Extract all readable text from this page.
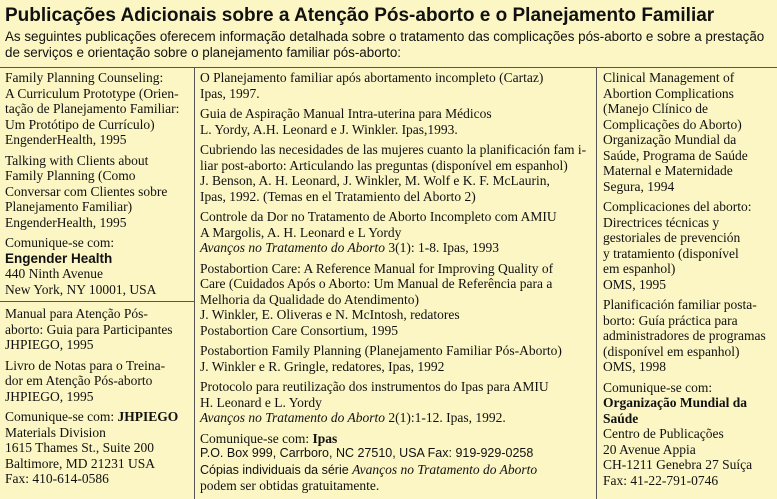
Publicações Adicionais sobre a Atenção Pós-aborto e o Planejamento Familiar
As seguintes publicações oferecem informação detalhada sobre o tratamento das complicações pós-aborto e sobre a prestação de serviços e orientação sobre o planejamento familiar pós-aborto:

Family Planning Counseling:

A Curriculum Prototype (Orien-

tação de Planejamento Familiar:

Um Protótipo de Currículo)

EngenderHealth, 1995

Talking with Clients about

Family Planning (Como

Conversar com Clientes sobre

Planejamento Familiar)

EngenderHealth, 1995

Comunique-se com:

Engender Health

440 Ninth Avenue

New York, NY 10001, USA

Manual para Atenção Pós-

aborto: Guia para Participantes

JHPIEGO, 1995

Livro de Notas para o Treina-

dor em Atenção Pós-aborto

JHPIEGO, 1995

Comunique-se com: JHPIEGO

Materials Division

1615 Thames St., Suite 200

Baltimore, MD 21231 USA

Fax: 410-614-0586

O Planejamento familiar após abortamento incompleto (Cartaz)

Ipas, 1997.

Guia de Aspiração Manual Intra-uterina para Médicos

L. Yordy, A.H. Leonard e J. Winkler. Ipas,1993.

Cubriendo las necesidades de las mujeres cuanto la planificación fam i-

liar post-aborto: Articulando las preguntas (disponível em espanhol)

J. Benson, A. H. Leonard, J. Winkler, M. Wolf e K. F. McLaurin,

Ipas, 1992. (Temas en el Tratamiento del Aborto 2)

Controle da Dor no Tratamento de Aborto Incompleto com AMIU

A Margolis, A. H. Leonard e L Yordy

Avanços no Tratamento do Aborto 3(1): 1-8. Ipas, 1993

Postabortion Care: A Reference Manual for Improving Quality of

Care (Cuidados Após o Aborto: Um Manual de Referência para a

Melhoria da Qualidade do Atendimento)

J. Winkler, E. Oliveras e N. McIntosh, redatores

Postabortion Care Consortium, 1995

Postabortion Family Planning (Planejamento Familiar Pós-Aborto)

J. Winkler e R. Gringle, redatores, Ipas, 1992

Protocolo para reutilização dos instrumentos do Ipas para AMIU

H. Leonard e L. Yordy

Avanços no Tratamento do Aborto 2(1):1-12. Ipas, 1992.

Comunique-se com: Ipas

P.O. Box 999, Carrboro, NC 27510, USA Fax: 919-929-0258

Cópias individuais da série Avanços no Tratamento do Aborto

podem ser obtidas gratuitamente.

Clinical Management of

Abortion Complications

(Manejo Clínico de

Complicações do Aborto)

Organização Mundial da

Saúde, Programa de Saúde

Maternal e Maternidade

Segura, 1994

Complicaciones del aborto:

Directrices técnicas y

gestoriales de prevención

y tratamiento (disponível

em espanhol)

OMS, 1995

Planificación familiar posta-

borto: Guía práctica para

administradores de programas

(disponível em espanhol)

OMS, 1998

Comunique-se com:

Organização Mundial da

Saúde

Centro de Publicações

20 Avenue Appia

CH-1211 Genebra 27 Suíça

Fax: 41-22-791-0746
